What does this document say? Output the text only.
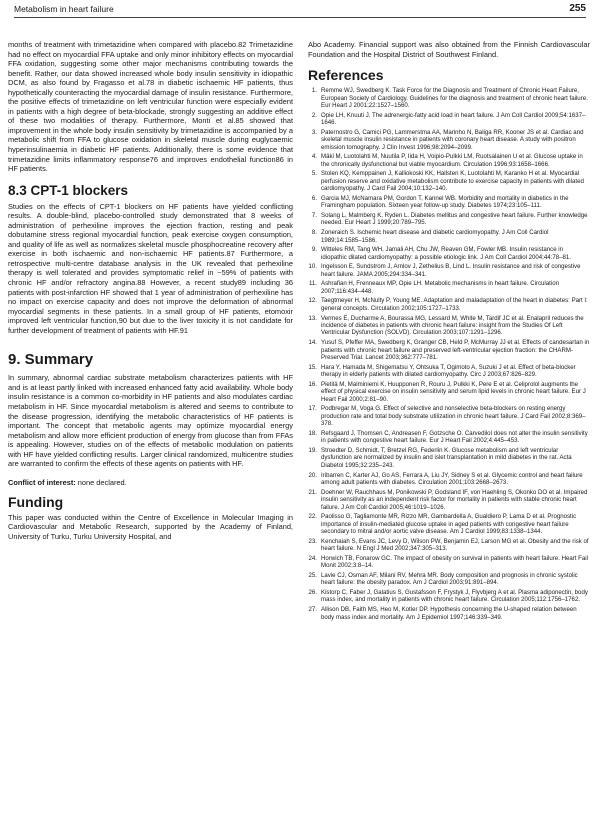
Metabolism in heart failure	255

months of treatment with trimetazidine when compared with placebo.82 Trimetazidine had no effect on myocardial FFA uptake and only minor inhibitory effects on myocardial FFA oxidation, suggesting some other major mechanisms contributing towards the benefit. Rather, our data showed increased whole body insulin sensitivity in idiopathic DCM, as also found by Fragasso et al.78 in diabetic ischaemic HF patients, thus hypothetically counteracting the myocardial damage of insulin resistance. Furthermore, the positive effects of trimetazidine on left ventricular function were especially evident in patients with a high degree of beta-blockade, strongly suggesting an additive effect of these two modalities of therapy. Furthermore, Monti et al.85 showed that improvement in the whole body insulin sensitivity by trimetazidine is accompanied by a metabolic shift from FFA to glucose oxidation in skeletal muscle during euglycaemic hyperinsulinaemia in diabetic HF patients. Additionally, there is some evidence that trimetazidine limits inflammatory response76 and improves endothelial function86 in HF patients.

8.3 CPT-1 blockers

Studies on the effects of CPT-1 blockers on HF patients have yielded conflicting results. A double-blind, placebo-controlled study demonstrated that 8 weeks of administration of perhexiline improves the ejection fraction, resting and peak dobutamine stress regional myocardial function, peak exercise oxygen consumption, and quality of life as well as normalizes skeletal muscle phosphocreatine recovery after exercise in both ischaemic and non-ischaemic HF patients.87 Furthermore, a retrospective multi-centre database analysis in the UK revealed that perhexiline therapy is well tolerated and provides symptomatic relief in ~59% of patients with chronic HF and/or refractory angina.88 However, a recent study89 including 36 patients with post-infarction HF showed that 1 year of administration of perhexiline has no impact on exercise capacity and does not improve the deformation of abnormal myocardial segments in these patients. In a small group of HF patients, etomoxir improved left ventricular function,90 but due to the liver toxicity it is not candidate for further development of treatment of patients with HF.91

9. Summary

In summary, abnormal cardiac substrate metabolism characterizes patients with HF and is at least partly linked with increased enhanced fatty acid availability. Whole body insulin resistance is a common co-morbidity in HF patients and also modulates cardiac metabolism in HF. Since myocardial metabolism is altered and seems to contribute to the disease progression, identifying the metabolic characteristics of HF patients is important. The concept that metabolic agents may optimize myocardial energy metabolism and allow more efficient production of energy from glucose than from FFAs is appealing. However, studies on of the effects of metabolic modulation on patients with HF have yielded conflicting results. Larger clinical randomized, multicentre studies are warranted to confirm the effects of these agents on patients with HF.

Conflict of interest: none declared.

Funding

This paper was conducted within the Centre of Excellence in Molecular Imaging in Cardiovascular and Metabolic Research, supported by the Academy of Finland, University of Turku, Turku University Hospital, and

Abo Academy. Financial support was also obtained from the Finnish Cardiovascular Foundation and the Hospital District of Southwest Finland.

References
1. Remme WJ, Swedberg K. Task Force for the Diagnosis and Treatment of Chronic Heart Failure, European Society of Cardiology. Guidelines for the diagnosis and treatment of chronic heart failure. Eur Heart J 2001;22:1527–1560.
2. Opie LH, Knuuti J. The adrenergic-fatty acid load in heart failure. J Am Coll Cardiol 2009;54:1637–1646.
3. Paternostro G, Camici PG, Lammerstma AA, Marinho N, Baliga RR, Kooner JS et al. Cardiac and skeletal muscle insulin resistance in patients with coronary heart disease. A study with positron emission tomography. J Clin Invest 1996;98:2094–2099.
4. Mäki M, Luotolahti M, Nuutila P, Iida H, Voipio-Pulkki LM, Ruotsalainen U et al. Glucose uptake in the chronically dysfunctional but viable myocardium. Circulation 1996;93:1658–1666.
5. Stolen KQ, Kemppainen J, Kalliokoski KK, Hallsten K, Luotolahti M, Karanko H et al. Myocardial perfusion reserve and oxidative metabolism contribute to exercise capacity in patients with dilated cardiomyopathy. J Card Fail 2004;10:132–140.
6. Garcia MJ, McNamara PM, Gordon T, Kannel WB. Morbidity and mortality in diabetics in the Framingham population. Sixteen year follow-up study. Diabetes 1974;23:105–111.
7. Solang L, Malmberg K, Ryden L. Diabetes mellitus and congestive heart failure. Further knowledge needed. Eur Heart J 1999;20:789–795.
8. Zoneraich S. Ischemic heart disease and diabetic cardiomyopathy. J Am Coll Cardiol 1989;14:1585–1586.
9. Witteles RM, Tang WH, Jamali AH, Chu JW, Reaven GM, Fowler MB. Insulin resistance in idiopathic dilated cardiomyopathy: a possible etiologic link. J Am Coll Cardiol 2004;44:78–81.
10. Ingelsson E, Sundstrom J, Arnlov J, Zethelius B, Lind L. Insulin resistance and risk of congestive heart failure. JAMA 2005;294:334–341.
11. Ashrafian H, Frenneaux MP, Opie LH. Metabolic mechanisms in heart failure. Circulation 2007;116:434–448.
12. Taegtmeyer H, McNulty P, Young ME. Adaptation and maladaptation of the heart in diabetes: Part I: general concepts. Circulation 2002;105:1727–1733.
13. Vermes E, Ducharme A, Bourassa MG, Lessard M, White M, Tardif JC et al. Enalapril reduces the incidence of diabetes in patients with chronic heart failure: insight from the Studies Of Left Ventricular Dysfunction (SOLVD). Circulation 2003;107:1291–1296.
14. Yusuf S, Pfeffer MA, Swedberg K, Granger CB, Held P, McMurray JJ et al. Effects of candesartan in patients with chronic heart failure and preserved left-ventricular ejection fraction: the CHARM-Preserved Trial. Lancet 2003;362:777–781.
15. Hara Y, Hamada M, Shigematsu Y, Ohtsuka T, Ogimoto A, Suzuki J et al. Effect of beta-blocker therapy in elderly patients with dilated cardiomyopathy. Circ J 2003;67:826–829.
16. Pietilä M, Malminiemi K, Huupponen R, Rouru J, Pulkki K, Pere E et al. Celiprolol augments the effect of physical exercise on insulin sensitivity and serum lipid levels in chronic heart failure. Eur J Heart Fail 2000;2:81–90.
17. Podbregar M, Voga G. Effect of selective and nonselective beta-blockers on resting energy production rate and total body substrate utilization in chronic heart failure. J Card Fail 2002;8:369–378.
18. Refsgaard J, Thomsen C, Andreasen F, Gotzsche O. Carvedilol does not alter the insulin sensitivity in patients with congestive heart failure. Eur J Heart Fail 2002;4:445–453.
19. Stroedter D, Schmidt, T, Bretzel RG, Federlin K. Glucose metabolism and left ventricular dysfunction are normalized by insulin and islet transplantation in mild diabetes in the rat. Acta Diabetol 1995;32:235–243.
20. Iribarren C, Karter AJ, Go AS, Ferrara A, Liu JY, Sidney S et al. Glycemic control and heart failure among adult patients with diabetes. Circulation 2001;103:2668–2673.
21. Doehner W, Rauchhaus M, Ponikowski P, Godsland IF, von Haehling S, Okonko DO et al. Impaired insulin sensitivity as an independent risk factor for mortality in patients with stable chronic heart failure. J Am Coll Cardiol 2005;46:1019–1026.
22. Paolisso G, Tagliamonte MR, Rizzo MR, Gambardella A, Gualdiero P, Lama D et al. Prognostic importance of insulin-mediated glucose uptake in aged patients with congestive heart failure secondary to mitral and/or aortic valve disease. Am J Cardiol 1999;83:1338–1344.
23. Kenchaiah S, Evans JC, Levy D, Wilson PW, Benjamin EJ, Larson MG et al. Obesity and the risk of heart failure. N Engl J Med 2002;347:305–313.
24. Horwich TB, Fonarow GC. The impact of obesity on survival in patients with heart failure. Heart Fail Monit 2002;3:8–14.
25. Lavie CJ, Osman AF, Milani RV, Mehra MR. Body composition and prognosis in chronic systolic heart failure: the obesity paradox. Am J Cardiol 2003;91:891–894.
26. Kistorp C, Faber J, Galatius S, Gustafsson F, Frystyk J, Flyvbjerg A et al. Plasma adiponectin, body mass index, and mortality in patients with chronic heart failure. Circulation 2005;112:1756–1762.
27. Allison DB, Faith MS, Heo M, Kotler DP. Hypothesis concerning the U-shaped relation between body mass index and mortality. Am J Epidemiol 1997;146:339–349.
